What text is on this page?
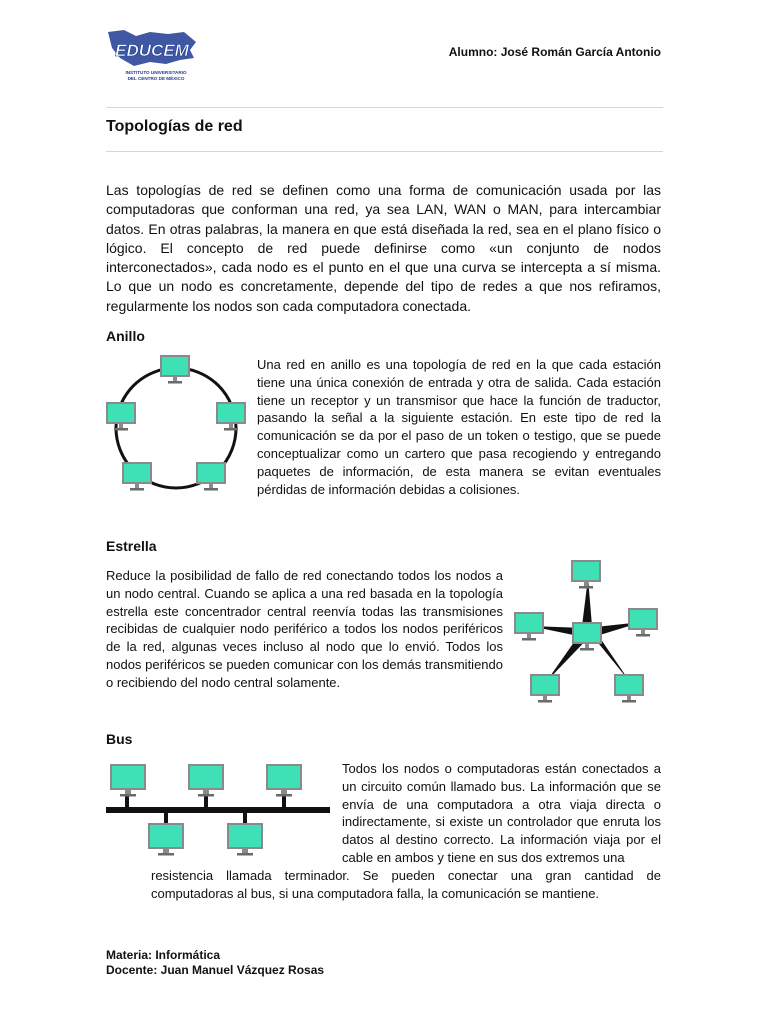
EDUCEM
INSTITUTO UNIVERSITARIO
DEL CENTRO DE MÉXICO
Alumno: José Román García Antonio
Topologías de red

Las topologías de red se definen como una forma de comunicación usada por las computadoras que conforman una red, ya sea LAN, WAN o MAN, para intercambiar datos. En otras palabras, la manera en que está diseñada la red, sea en el plano físico o lógico. El concepto de red puede definirse como «un conjunto de nodos interconectados», cada nodo es el punto en el que una curva se intercepta a sí misma. Lo que un nodo es concretamente, depende del tipo de redes a que nos refiramos, regularmente los nodos son cada computadora conectada.

Anillo

Una red en anillo es una topología de red en la que cada estación tiene una única conexión de entrada y otra de salida. Cada estación tiene un receptor y un transmisor que hace la función de traductor, pasando la señal a la siguiente estación. En este tipo de red la comunicación se da por el paso de un token o testigo, que se puede conceptualizar como un cartero que pasa recogiendo y entregando paquetes de información, de esta manera se evitan eventuales pérdidas de información debidas a colisiones.

Estrella

Reduce la posibilidad de fallo de red conectando todos los nodos a un nodo central. Cuando se aplica a una red basada en la topología estrella este concentrador central reenvía todas las transmisiones recibidas de cualquier nodo periférico a todos los nodos periféricos de la red, algunas veces incluso al nodo que lo envió. Todos los nodos periféricos se pueden comunicar con los demás transmitiendo o recibiendo del nodo central solamente.

Bus

Todos los nodos o computadoras están conectados a un circuito común llamado bus. La información que se envía de una computadora a otra viaja directa o indirectamente, si existe un controlador que enruta los datos al destino correcto. La información viaja por el cable en ambos y tiene en sus dos extremos una

resistencia llamada terminador. Se pueden conectar una gran cantidad de computadoras al bus, si una computadora falla, la comunicación se mantiene.

Materia: Informática
Docente: Juan Manuel Vázquez Rosas
